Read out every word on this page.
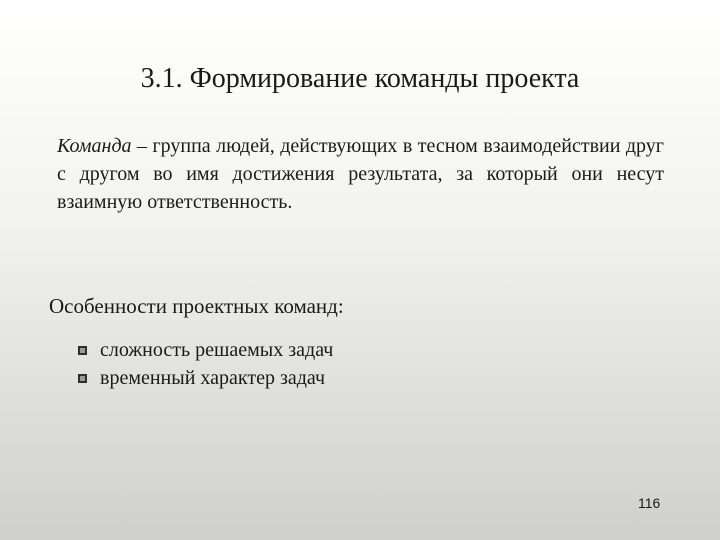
3.1. Формирование команды проекта
Команда – группа людей, действующих в тесном взаимодействии друг с другом во имя достижения результата, за который они несут взаимную ответственность.
Особенности проектных команд:
сложность решаемых задач
временный характер задач
116
